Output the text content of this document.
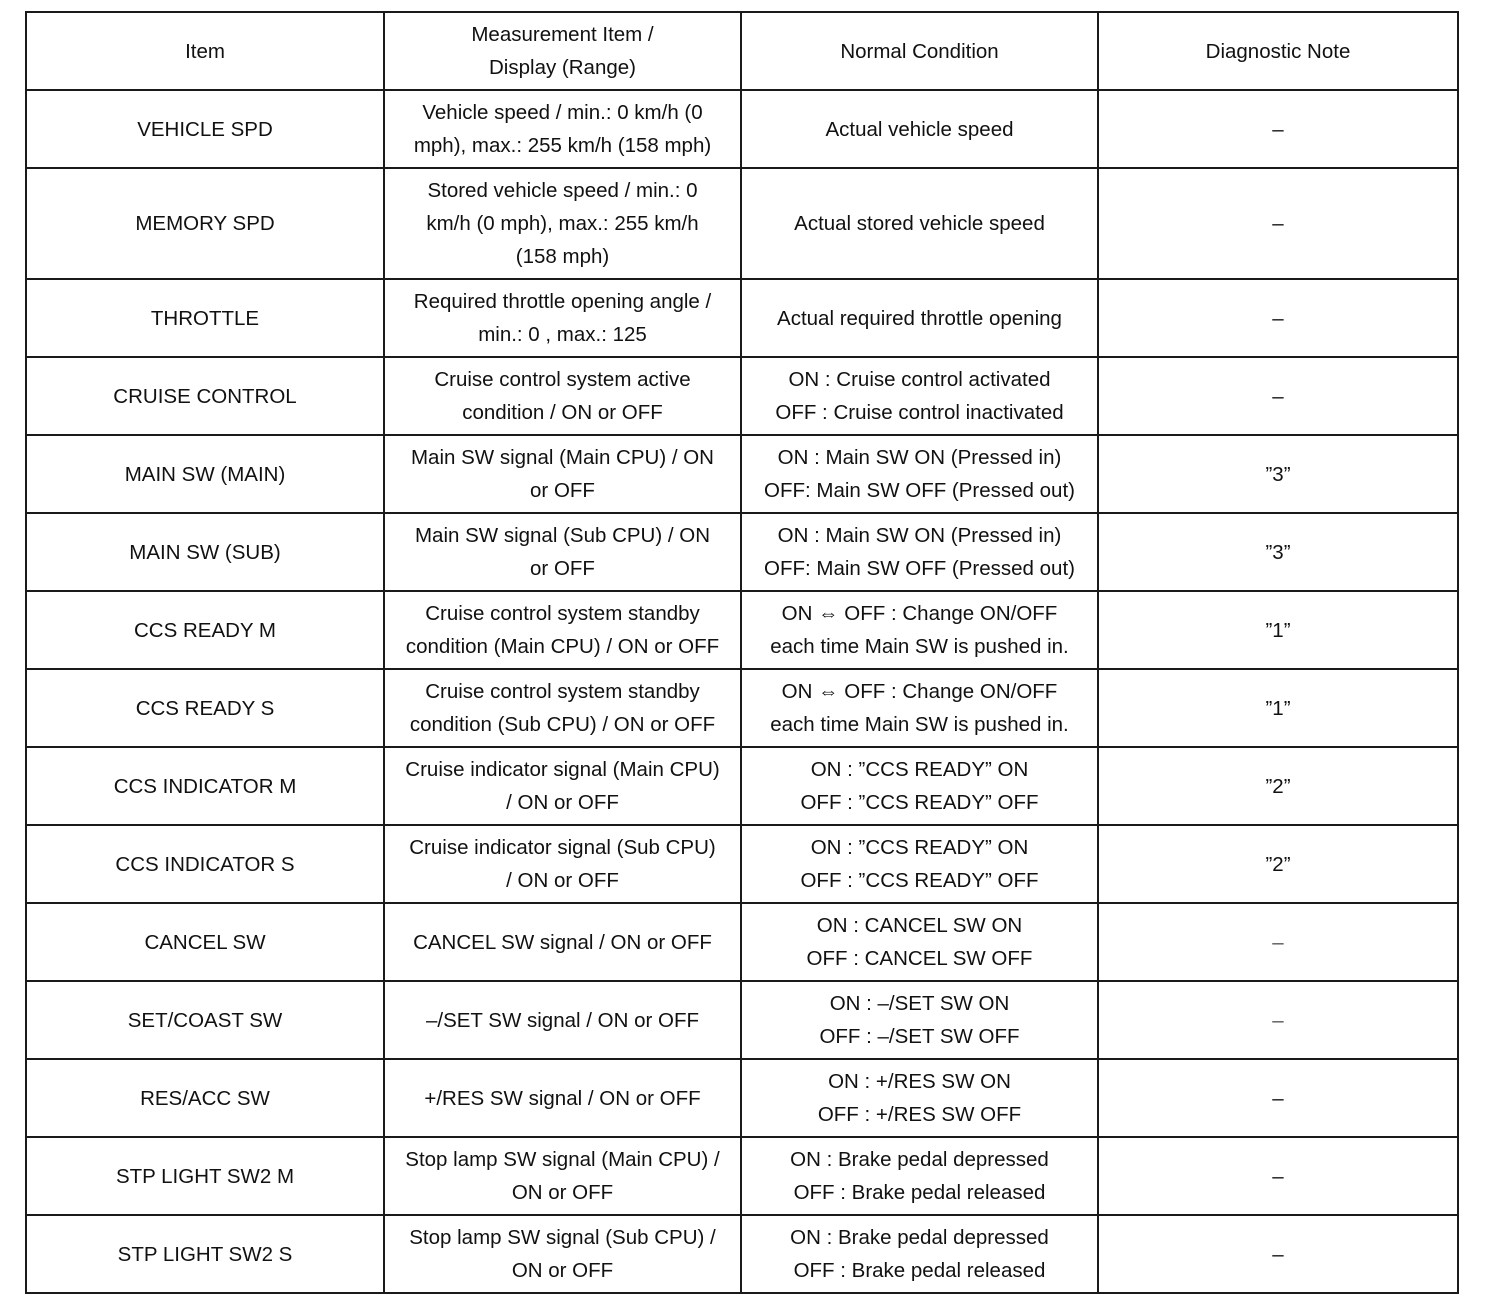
Item	Measurement Item /
Display (Range)	Normal Condition	Diagnostic Note

VEHICLE SPD	Vehicle speed / min.: 0 km/h (0
mph), max.: 255 km/h (158 mph)	Actual vehicle speed	–

MEMORY SPD	Stored vehicle speed / min.: 0
km/h (0 mph), max.: 255 km/h
(158 mph)	Actual stored vehicle speed	–

THROTTLE	Required throttle opening angle /
min.: 0 , max.: 125	Actual required throttle opening	–

CRUISE CONTROL	Cruise control system active
condition / ON or OFF	ON : Cruise control activated
OFF : Cruise control inactivated	–

MAIN SW (MAIN)	Main SW signal (Main CPU) / ON
or OFF	ON : Main SW ON (Pressed in)
OFF: Main SW OFF (Pressed out)	”3”

MAIN SW (SUB)	Main SW signal (Sub CPU) / ON
or OFF	ON : Main SW ON (Pressed in)
OFF: Main SW OFF (Pressed out)	”3”

CCS READY M	Cruise control system standby
condition (Main CPU) / ON or OFF	ON ⇔ OFF : Change ON/OFF
each time Main SW is pushed in.	”1”

CCS READY S	Cruise control system standby
condition (Sub CPU) / ON or OFF	ON ⇔ OFF : Change ON/OFF
each time Main SW is pushed in.	”1”

CCS INDICATOR M	Cruise indicator signal (Main CPU)
/ ON or OFF	ON : ”CCS READY” ON
OFF : ”CCS READY” OFF	”2”

CCS INDICATOR S	Cruise indicator signal (Sub CPU)
/ ON or OFF	ON : ”CCS READY” ON
OFF : ”CCS READY” OFF	”2”

CANCEL SW	CANCEL SW signal / ON or OFF	ON : CANCEL SW ON
OFF : CANCEL SW OFF	–

SET/COAST SW	–/SET SW signal / ON or OFF	ON : –/SET SW ON
OFF : –/SET SW OFF	–

RES/ACC SW	+/RES SW signal / ON or OFF	ON : +/RES SW ON
OFF : +/RES SW OFF	–

STP LIGHT SW2 M	Stop lamp SW signal (Main CPU) /
ON or OFF	ON : Brake pedal depressed
OFF : Brake pedal released	–

STP LIGHT SW2 S	Stop lamp SW signal (Sub CPU) /
ON or OFF	ON : Brake pedal depressed
OFF : Brake pedal released	–
